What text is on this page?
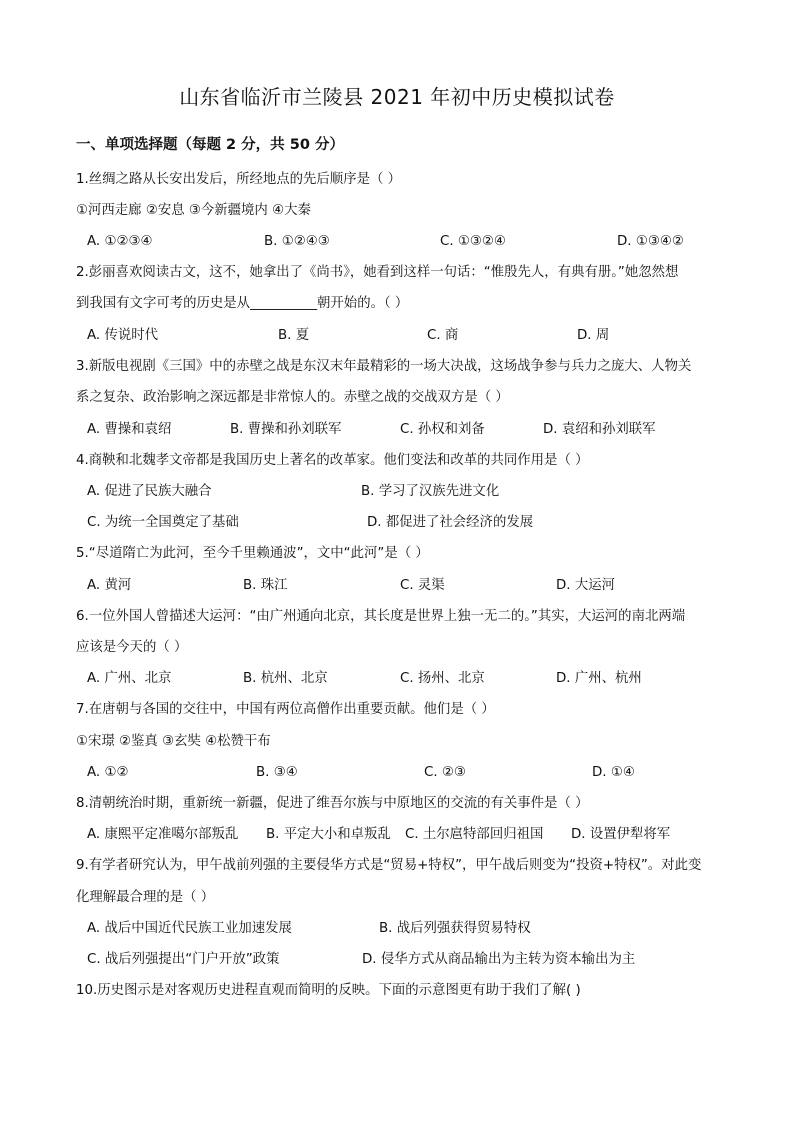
山东省临沂市兰陵县 2021 年初中历史模拟试卷
一、单项选择题（每题 2 分，共 50 分）
1.丝绸之路从长安出发后，所经地点的先后顺序是（ ）
①河西走廊 ②安息 ③今新疆境内 ④大秦
A. ①②③④	B. ①②④③	C. ①③②④	D. ①③④②
2.彭丽喜欢阅读古文，这不，她拿出了《尚书》，她看到这样一句话：“惟殷先人，有典有册。”她忽然想
到我国有文字可考的历史是从__________朝开始的。（ ）
A. 传说时代	B. 夏	C. 商	D. 周
3.新版电视剧《三国》中的赤壁之战是东汉末年最精彩的一场大决战，这场战争参与兵力之庞大、人物关
系之复杂、政治影响之深远都是非常惊人的。赤壁之战的交战双方是（ ）
A. 曹操和袁绍	B. 曹操和孙刘联军	C. 孙权和刘备	D. 袁绍和孙刘联军
4.商鞅和北魏孝文帝都是我国历史上著名的改革家。他们变法和改革的共同作用是（ ）
A. 促进了民族大融合	B. 学习了汉族先进文化
C. 为统一全国奠定了基础	D. 都促进了社会经济的发展
5.“尽道隋亡为此河，至今千里赖通波”，文中“此河”是（ ）
A. 黄河	B. 珠江	C. 灵渠	D. 大运河
6.一位外国人曾描述大运河：“由广州通向北京，其长度是世界上独一无二的。”其实，大运河的南北两端
应该是今天的（ ）
A. 广州、北京	B. 杭州、北京	C. 扬州、北京	D. 广州、杭州
7.在唐朝与各国的交往中，中国有两位高僧作出重要贡献。他们是（ ）
①宋璟 ②鉴真 ③玄奘 ④松赞干布
A. ①②	B. ③④	C. ②③	D. ①④
8.清朝统治时期，重新统一新疆，促进了维吾尔族与中原地区的交流的有关事件是（ ）
A. 康熙平定准噶尔部叛乱 B. 平定大小和卓叛乱 C. 土尔扈特部回归祖国 D. 设置伊犁将军
9.有学者研究认为，甲午战前列强的主要侵华方式是“贸易+特权”，甲午战后则变为“投资+特权”。对此变
化理解最合理的是（ ）
A. 战后中国近代民族工业加速发展	B. 战后列强获得贸易特权
C. 战后列强提出“门户开放”政策	D. 侵华方式从商品输出为主转为资本输出为主
10.历史图示是对客观历史进程直观而简明的反映。下面的示意图更有助于我们了解( )
